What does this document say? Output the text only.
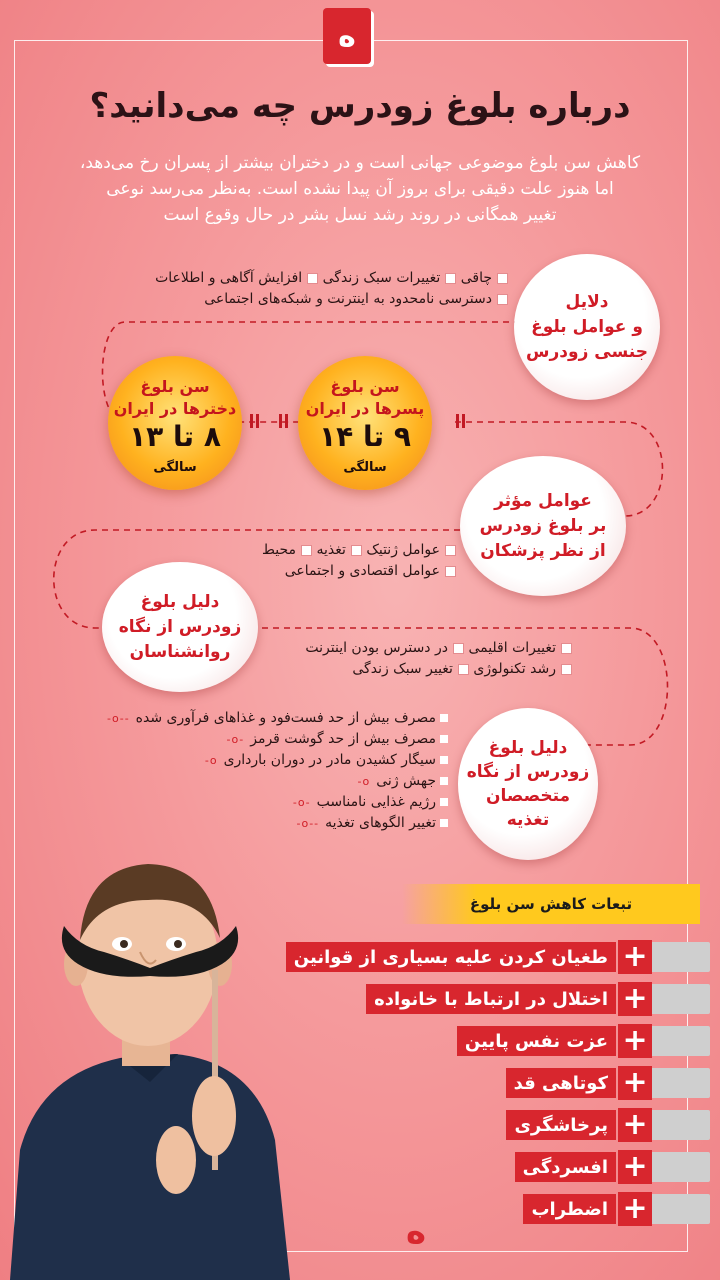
ه
درباره بلوغ زودرس چه می‌دانید؟

کاهش سن بلوغ موضوعی جهانی است و در دختران بیشتر از پسران رخ می‌دهد،
اما هنوز علت دقیقی برای بروز آن پیدا نشده است. به‌نظر می‌رسد نوعی
تغییر همگانی در روند رشد نسل بشر در حال وقوع است

دلایل
و عوامل بلوغ
جنسی زودرس
چاقی تغییرات سبک زندگی افزایش آگاهی و اطلاعات
دسترسی نامحدود به اینترنت و شبکه‌های اجتماعی
سن بلوغ
پسرها در ایران
۹ تا ۱۴
سالگی
سن بلوغ
دخترها در ایران
۸ تا ۱۳
سالگی
عوامل مؤثر
بر بلوغ زودرس
از نظر پزشکان
عوامل ژنتیک تغذیه محیط
عوامل اقتصادی و اجتماعی
دلیل بلوغ
زودرس از نگاه
روانشناسان	تغییرات اقلیمی در دسترس بودن اینترنت
رشد تکنولوژی تغییر سبک زندگی
دلیل بلوغ
زودرس از نگاه
متخصصان
تغذیه
مصرف بیش از حد فست‌فود و غذاهای فرآوری شده--o-
مصرف بیش از حد گوشت قرمز-o-
سیگار کشیدن مادر در دوران بارداریo-
جهش ژنیo-
رژیم غذایی نامناسب-o-
تغییر الگوهای تغذیه--o-
تبعات کاهش سن بلوغ
+
طغیان کردن علیه بسیاری از قوانین
+
اختلال در ارتباط با خانواده
+
عزت نفس پایین
+
کوتاهی قد
+
پرخاشگری
+
افسردگی
+
اضطراب
ه
